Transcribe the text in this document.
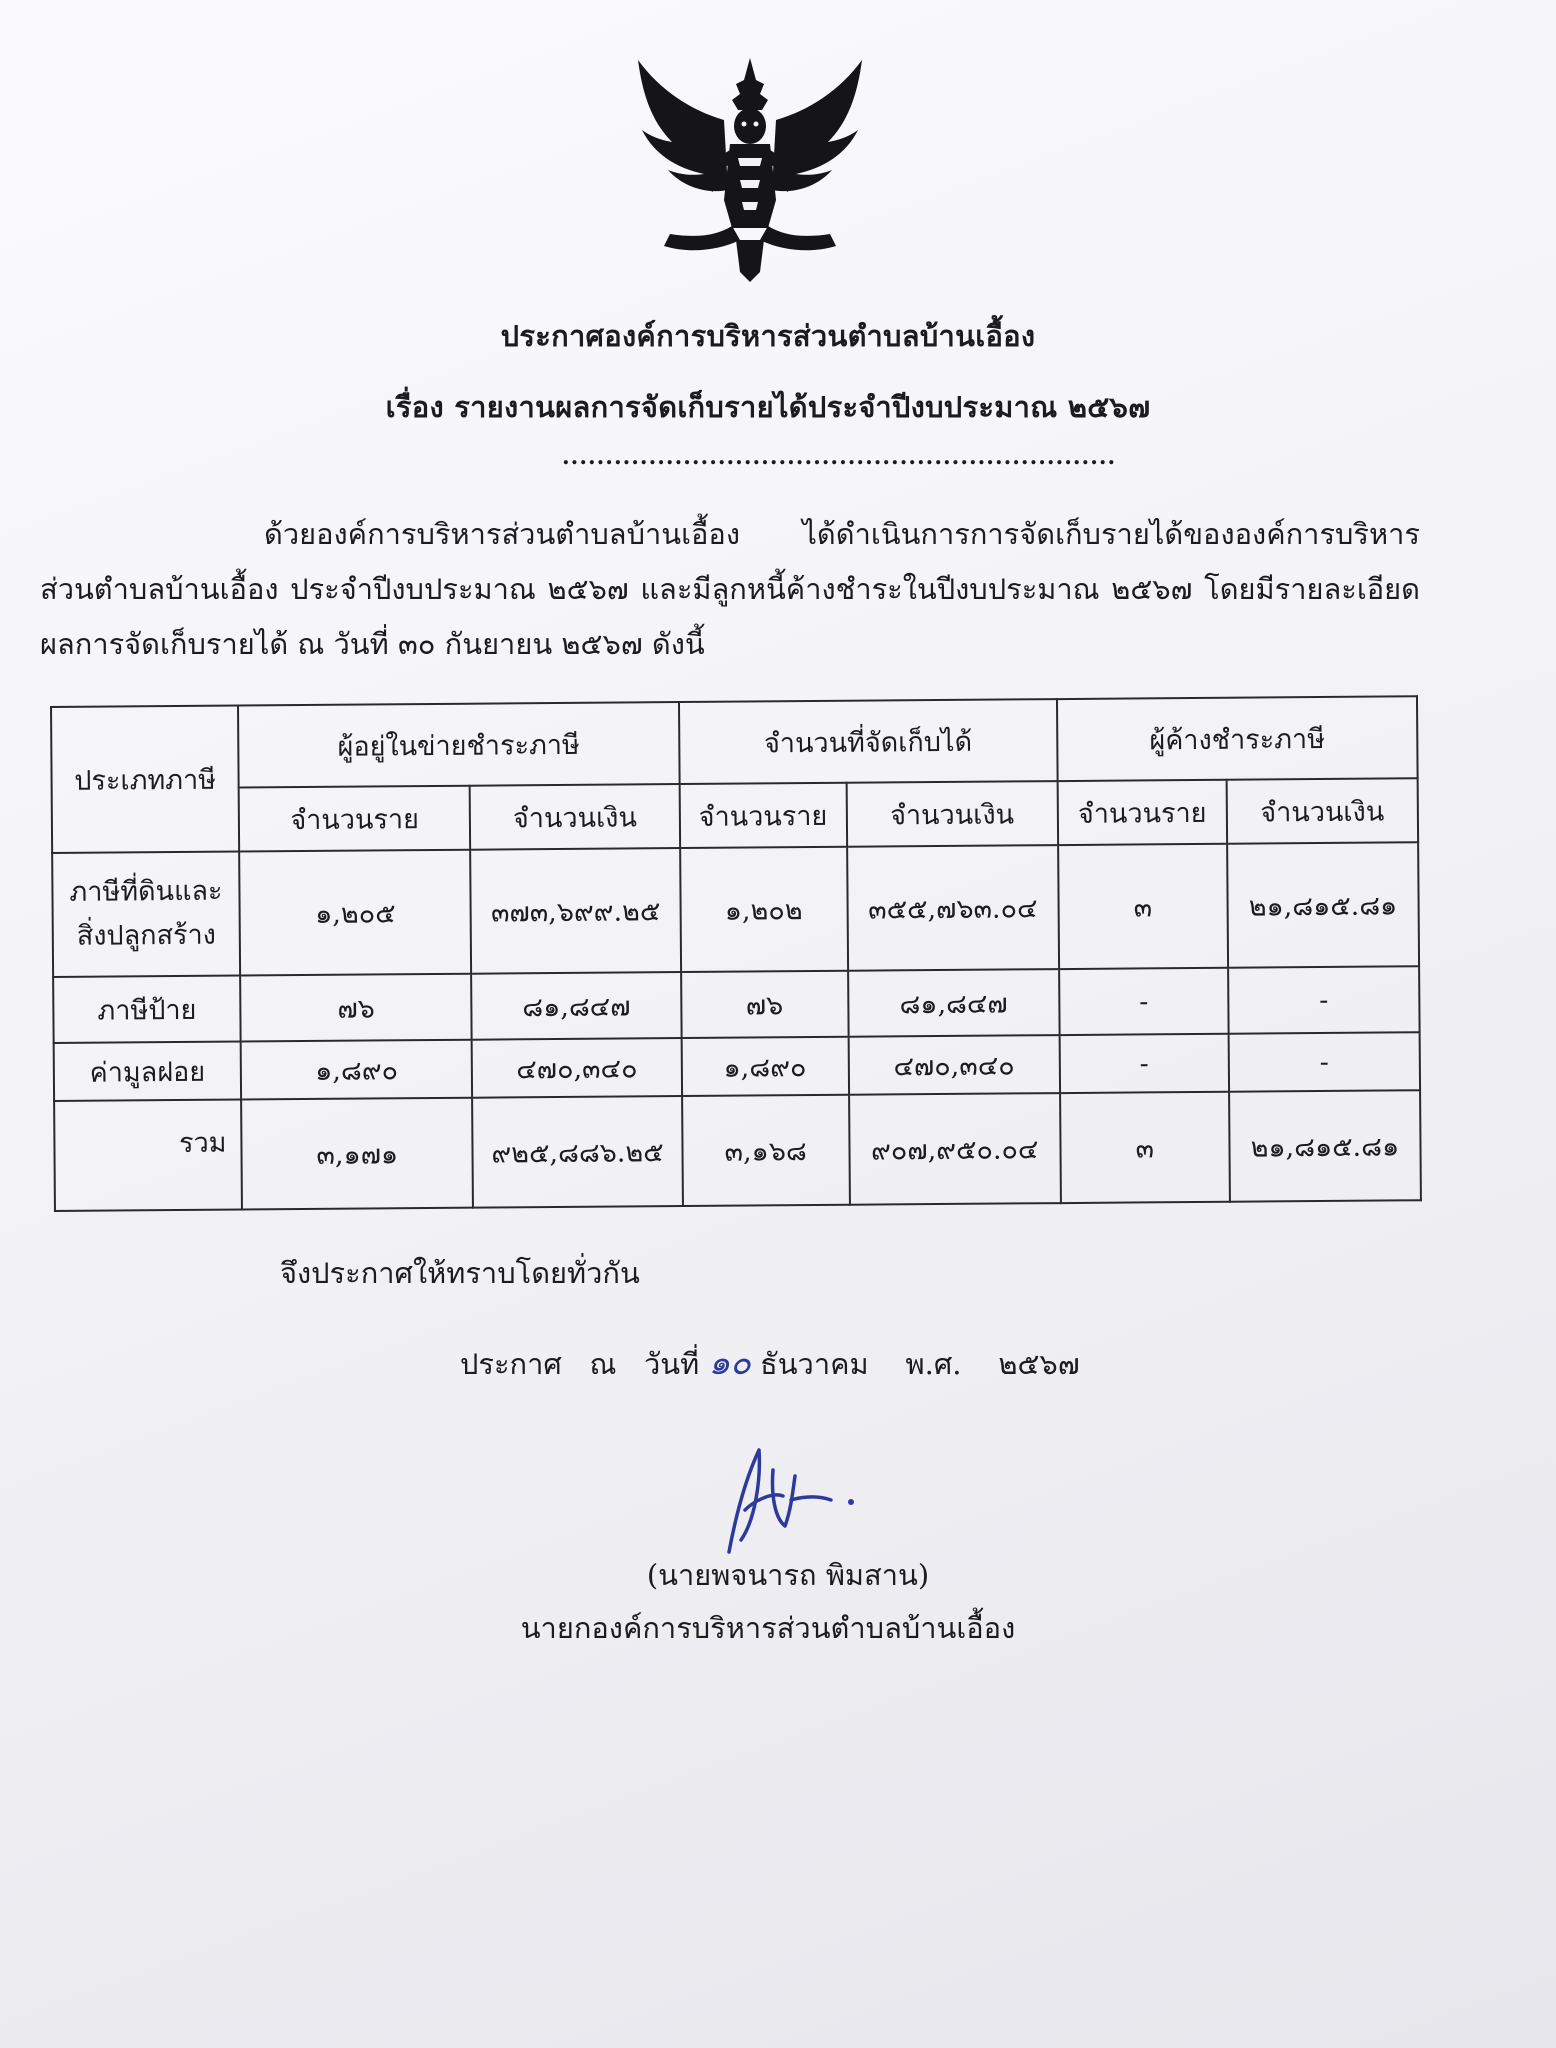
ประกาศองค์การบริหารส่วนตำบลบ้านเอื้อง
เรื่อง รายงานผลการจัดเก็บรายได้ประจำปีงบประมาณ ๒๕๖๗
................................................................
ด้วยองค์การบริหารส่วนตำบลบ้านเอื้อง ได้ดำเนินการการจัดเก็บรายได้ขององค์การบริหารส่วนตำบลบ้านเอื้อง ประจำปีงบประมาณ ๒๕๖๗ และมีลูกหนี้ค้างชำระในปีงบประมาณ ๒๕๖๗ โดยมีรายละเอียดผลการจัดเก็บรายได้ ณ วันที่ ๓๐ กันยายน ๒๕๖๗ ดังนี้
ประเภทภาษี	ผู้อยู่ในข่ายชำระภาษี		จำนวนที่จัดเก็บได้		ผู้ค้างชำระภาษี	
	จำนวนราย	จำนวนเงิน	จำนวนราย	จำนวนเงิน	จำนวนราย	จำนวนเงิน
ภาษีที่ดินและ
สิ่งปลูกสร้าง	๑,๒๐๕	๓๗๓,๖๙๙.๒๕	๑,๒๐๒	๓๕๕,๗๖๓.๐๔	๓	๒๑,๘๑๕.๘๑
ภาษีป้าย	๗๖	๘๑,๘๔๗	๗๖	๘๑,๘๔๗	-	-
ค่ามูลฝอย	๑,๘๙๐	๔๗๐,๓๔๐	๑,๘๙๐	๔๗๐,๓๔๐	-	-
รวม	๓,๑๗๑	๙๒๕,๘๘๖.๒๕	๓,๑๖๘	๙๐๗,๙๕๐.๐๔	๓	๒๑,๘๑๕.๘๑
จึงประกาศให้ทราบโดยทั่วกัน
ประกาศ   ณ   วันที่ ๑๐ ธันวาคม    พ.ศ.    ๒๕๖๗
(นายพจนารถ พิมสาน)
นายกองค์การบริหารส่วนตำบลบ้านเอื้อง
